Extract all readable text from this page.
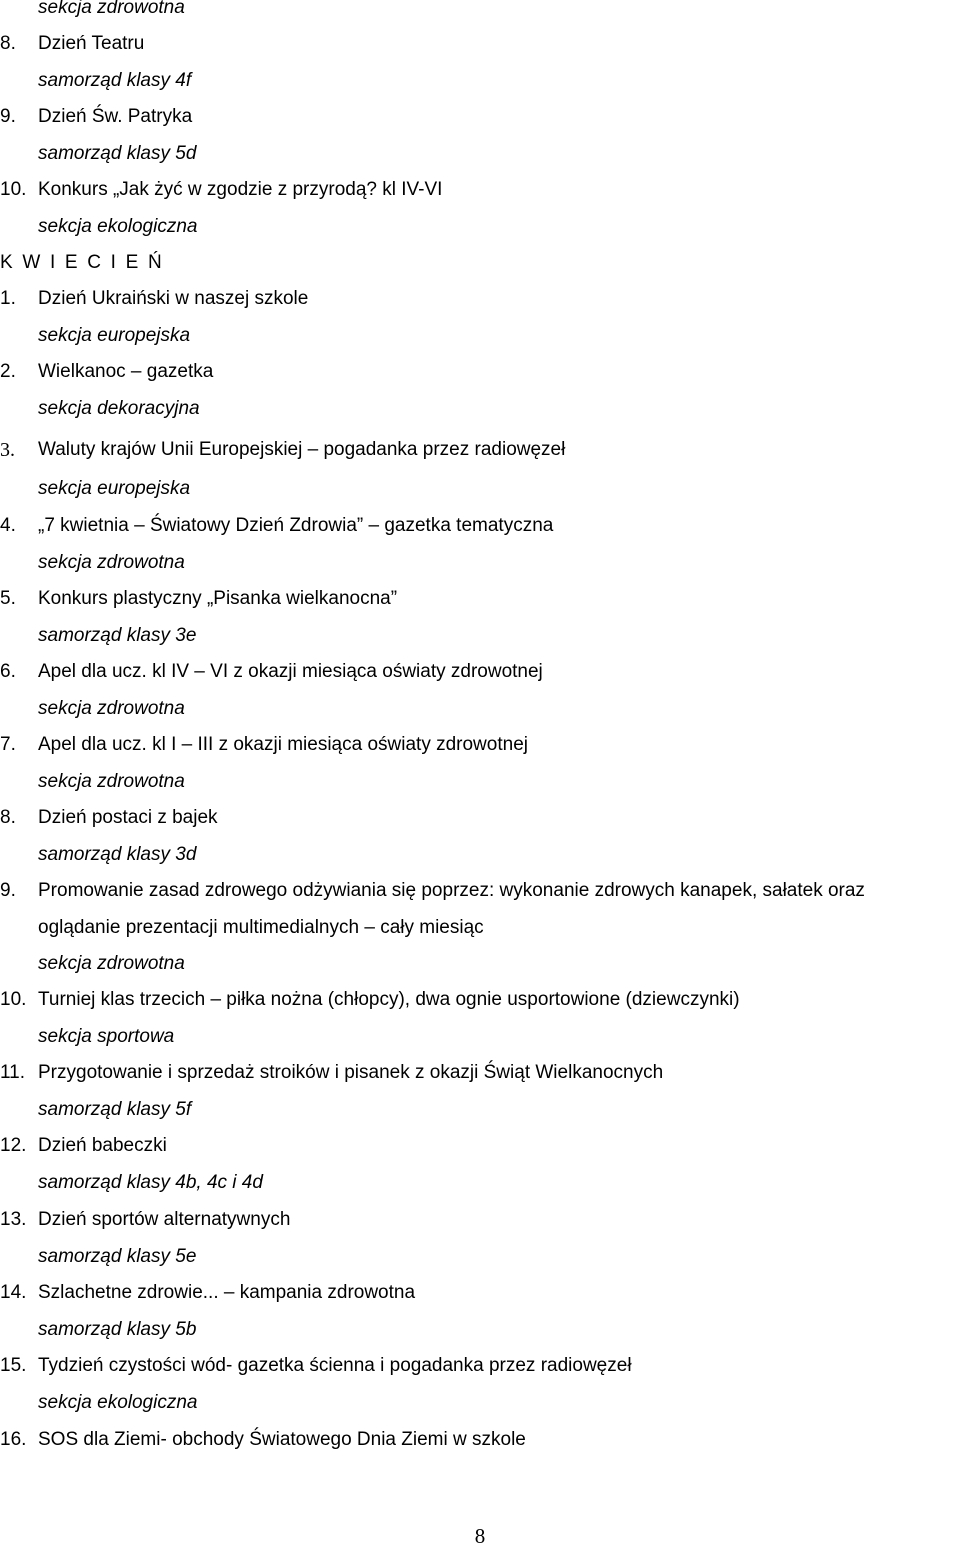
sekcja zdrowotna
8. Dzień Teatru
samorząd klasy 4f
9. Dzień Św. Patryka
samorząd klasy 5d
10. Konkurs „Jak żyć w zgodzie z przyrodą? kl IV-VI
sekcja ekologiczna
K W I E C I E Ń
1. Dzień Ukraiński w naszej szkole
sekcja europejska
2. Wielkanoc – gazetka
sekcja dekoracyjna
3. Waluty krajów Unii Europejskiej – pogadanka przez radiowęzeł
sekcja europejska
4. „7 kwietnia – Światowy Dzień Zdrowia” – gazetka tematyczna
sekcja zdrowotna
5. Konkurs plastyczny „Pisanka wielkanocna”
samorząd klasy 3e
6. Apel dla ucz. kl IV – VI z okazji miesiąca oświaty zdrowotnej
sekcja zdrowotna
7. Apel dla ucz. kl I – III z okazji miesiąca oświaty zdrowotnej
sekcja zdrowotna
8. Dzień postaci z bajek
samorząd klasy 3d
9. Promowanie zasad zdrowego odżywiania się poprzez: wykonanie zdrowych kanapek, sałatek oraz
oglądanie prezentacji multimedialnych – cały miesiąc
sekcja zdrowotna
10. Turniej klas trzecich – piłka nożna (chłopcy), dwa ognie usportowione (dziewczynki)
sekcja sportowa
11. Przygotowanie i sprzedaż stroików i pisanek z okazji Świąt Wielkanocnych
samorząd klasy 5f
12. Dzień babeczki
samorząd klasy 4b, 4c i 4d
13. Dzień sportów alternatywnych
samorząd klasy 5e
14. Szlachetne zdrowie... – kampania zdrowotna
samorząd klasy 5b
15. Tydzień czystości wód- gazetka ścienna i pogadanka przez radiowęzeł
sekcja ekologiczna
16. SOS dla Ziemi- obchody Światowego Dnia Ziemi w szkole
8
